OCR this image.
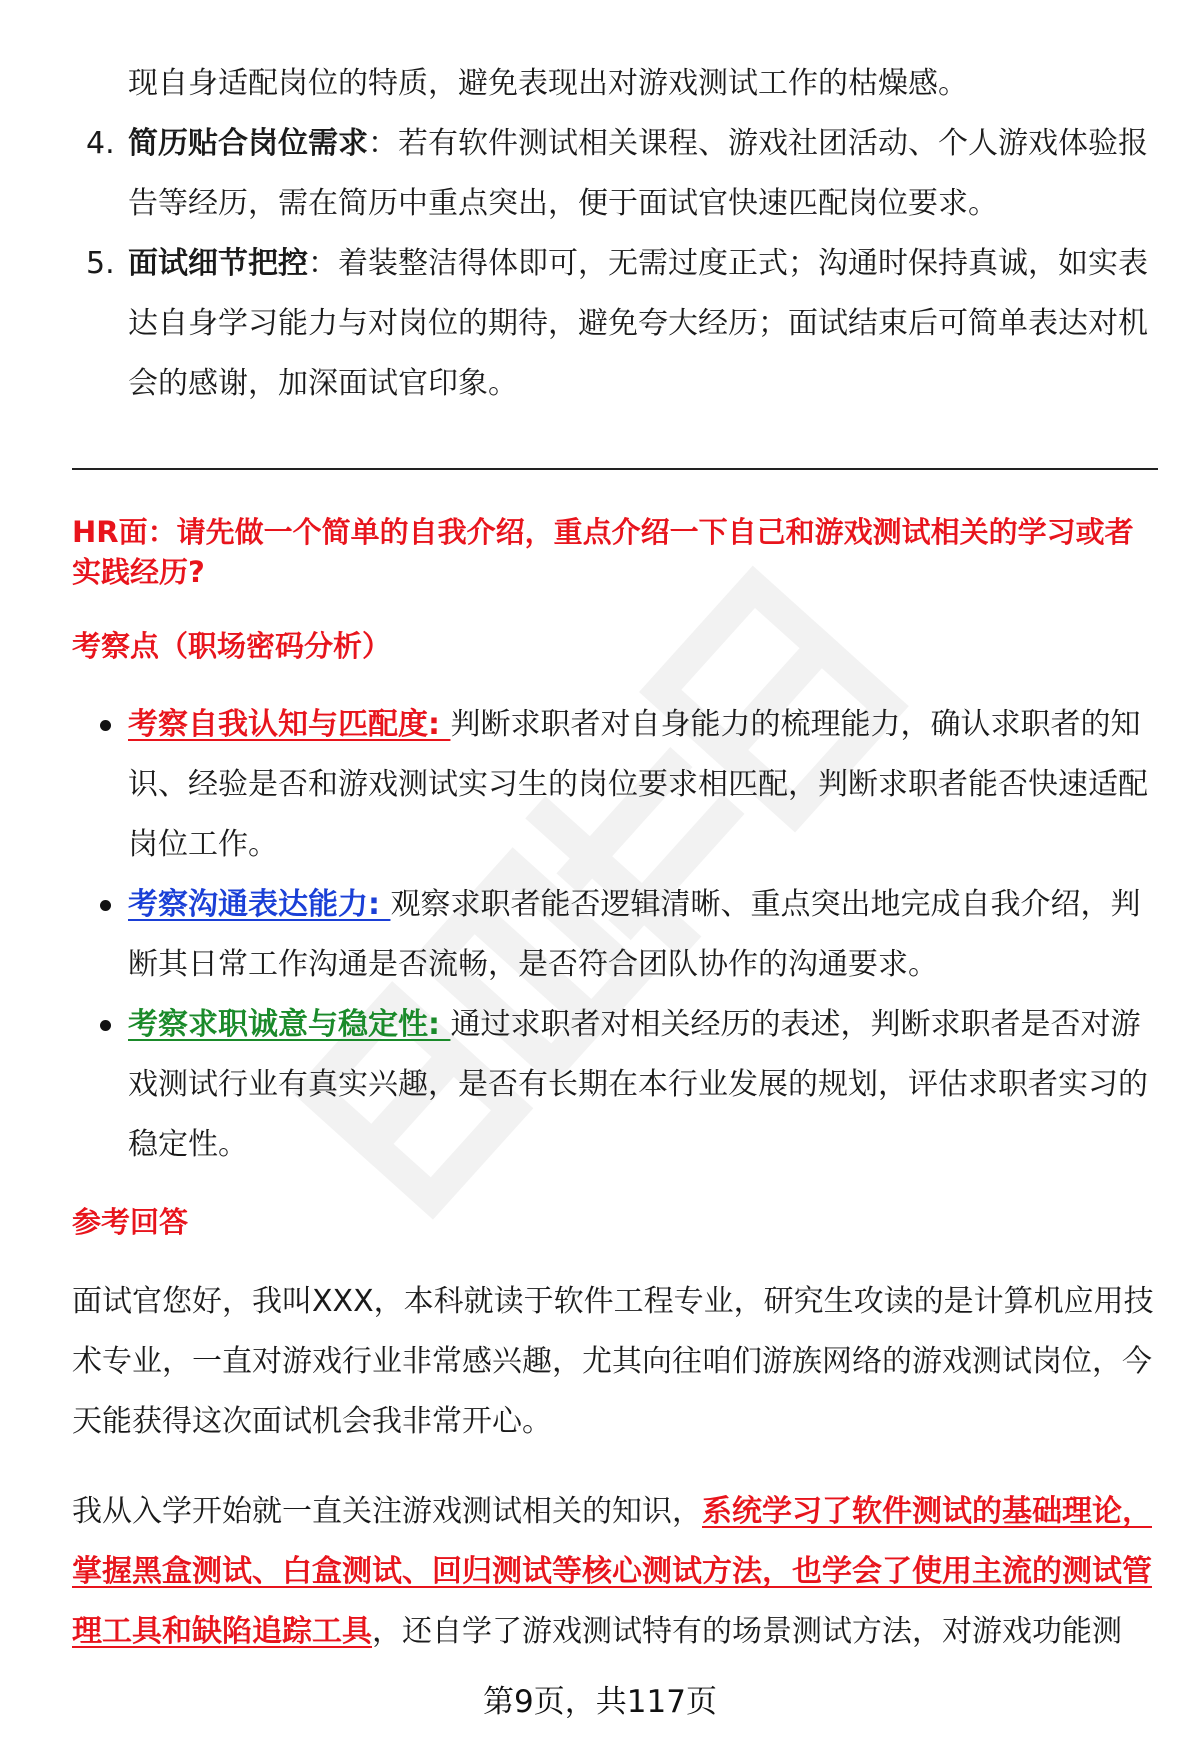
现自身适配岗位的特质，避免表现出对游戏测试工作的枯燥感。
4. 简历贴合岗位需求：若有软件测试相关课程、游戏社团活动、个人游戏体验报告等经历，需在简历中重点突出，便于面试官快速匹配岗位要求。
5. 面试细节把控：着装整洁得体即可，无需过度正式；沟通时保持真诚，如实表达自身学习能力与对岗位的期待，避免夸大经历；面试结束后可简单表达对机会的感谢，加深面试官印象。

HR面：请先做一个简单的自我介绍，重点介绍一下自己和游戏测试相关的学习或者实践经历?

考察点（职场密码分析）

考察自我认知与匹配度: 判断求职者对自身能力的梳理能力，确认求职者的知识、经验是否和游戏测试实习生的岗位要求相匹配，判断求职者能否快速适配岗位工作。
考察沟通表达能力: 观察求职者能否逻辑清晰、重点突出地完成自我介绍，判断其日常工作沟通是否流畅，是否符合团队协作的沟通要求。
考察求职诚意与稳定性: 通过求职者对相关经历的表述，判断求职者是否对游戏测试行业有真实兴趣，是否有长期在本行业发展的规划，评估求职者实习的稳定性。

参考回答

面试官您好，我叫XXX，本科就读于软件工程专业，研究生攻读的是计算机应用技术专业，一直对游戏行业非常感兴趣，尤其向往咱们游族网络的游戏测试岗位，今天能获得这次面试机会我非常开心。

我从入学开始就一直关注游戏测试相关的知识，系统学习了软件测试的基础理论，掌握黑盒测试、白盒测试、回归测试等核心测试方法，也学会了使用主流的测试管理工具和缺陷追踪工具，还自学了游戏测试特有的场景测试方法，对游戏功能测

第9页，共117页
